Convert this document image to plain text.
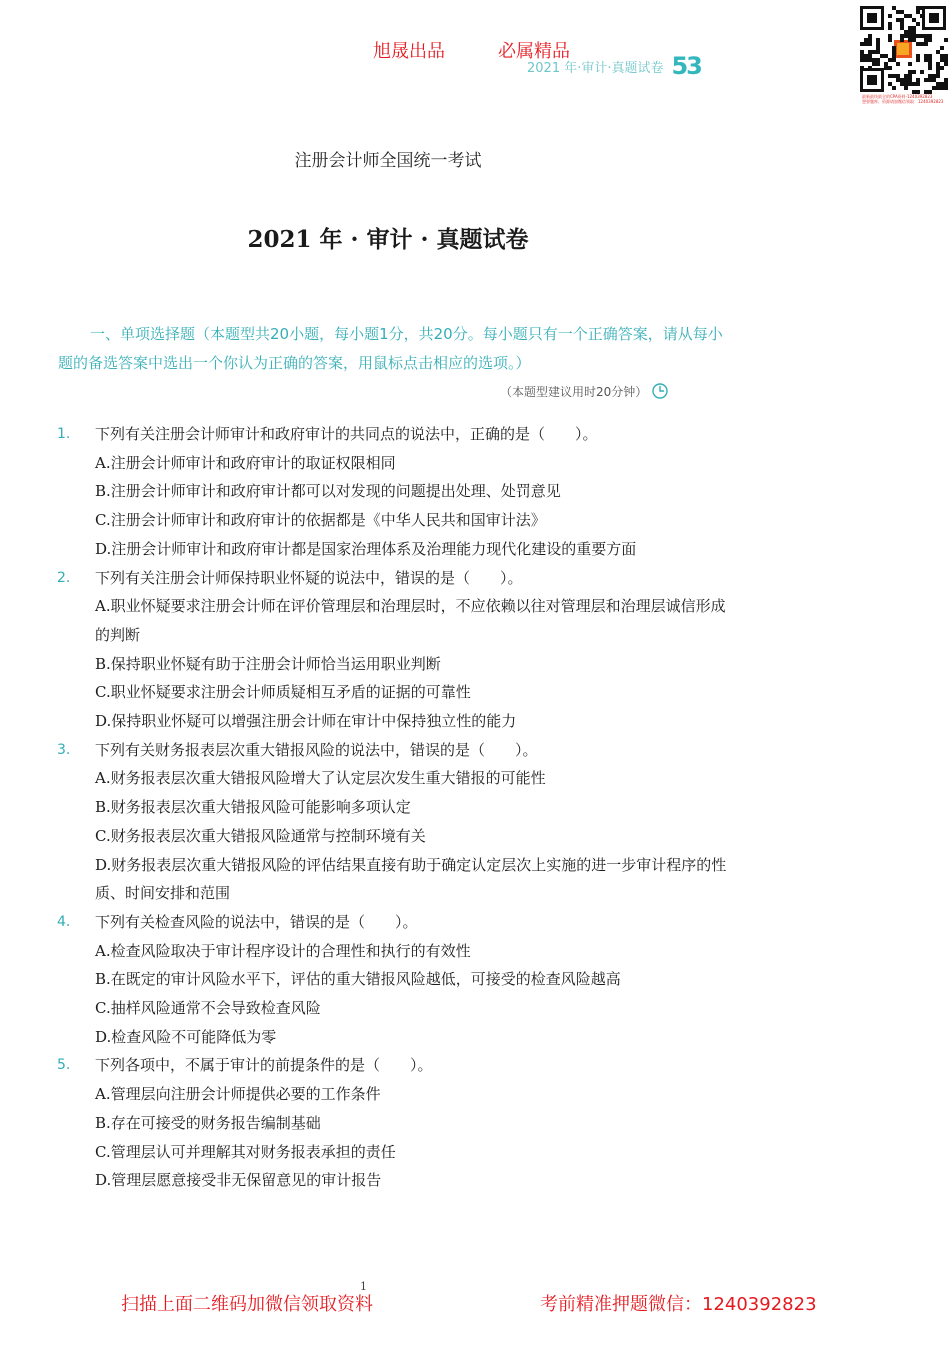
旭晟出品	必属精品
2021 年·审计·真题试卷 53
最新最快最全的CPA资料·1240392823
想要题库、资源请加微信领取：1240392823
注册会计师全国统一考试
2021 年 · 审计 · 真题试卷
一、单项选择题（本题型共20小题，每小题1分，共20分。每小题只有一个正确答案，请从每小题的备选答案中选出一个你认为正确的答案，用鼠标点击相应的选项。）
（本题型建议用时20分钟）
1.	下列有关注册会计师审计和政府审计的共同点的说法中，正确的是（　　）。
A.注册会计师审计和政府审计的取证权限相同
B.注册会计师审计和政府审计都可以对发现的问题提出处理、处罚意见
C.注册会计师审计和政府审计的依据都是《中华人民共和国审计法》
D.注册会计师审计和政府审计都是国家治理体系及治理能力现代化建设的重要方面
2.	下列有关注册会计师保持职业怀疑的说法中，错误的是（　　）。
A.职业怀疑要求注册会计师在评价管理层和治理层时，不应依赖以往对管理层和治理层诚信形成的判断
B.保持职业怀疑有助于注册会计师恰当运用职业判断
C.职业怀疑要求注册会计师质疑相互矛盾的证据的可靠性
D.保持职业怀疑可以增强注册会计师在审计中保持独立性的能力
3.	下列有关财务报表层次重大错报风险的说法中，错误的是（　　）。
A.财务报表层次重大错报风险增大了认定层次发生重大错报的可能性
B.财务报表层次重大错报风险可能影响多项认定
C.财务报表层次重大错报风险通常与控制环境有关
D.财务报表层次重大错报风险的评估结果直接有助于确定认定层次上实施的进一步审计程序的性质、时间安排和范围
4.	下列有关检查风险的说法中，错误的是（　　）。
A.检查风险取决于审计程序设计的合理性和执行的有效性
B.在既定的审计风险水平下，评估的重大错报风险越低，可接受的检查风险越高
C.抽样风险通常不会导致检查风险
D.检查风险不可能降低为零
5.	下列各项中，不属于审计的前提条件的是（　　）。
A.管理层向注册会计师提供必要的工作条件
B.存在可接受的财务报告编制基础
C.管理层认可并理解其对财务报表承担的责任
D.管理层愿意接受非无保留意见的审计报告
1
扫描上面二维码加微信领取资料	考前精准押题微信：1240392823
